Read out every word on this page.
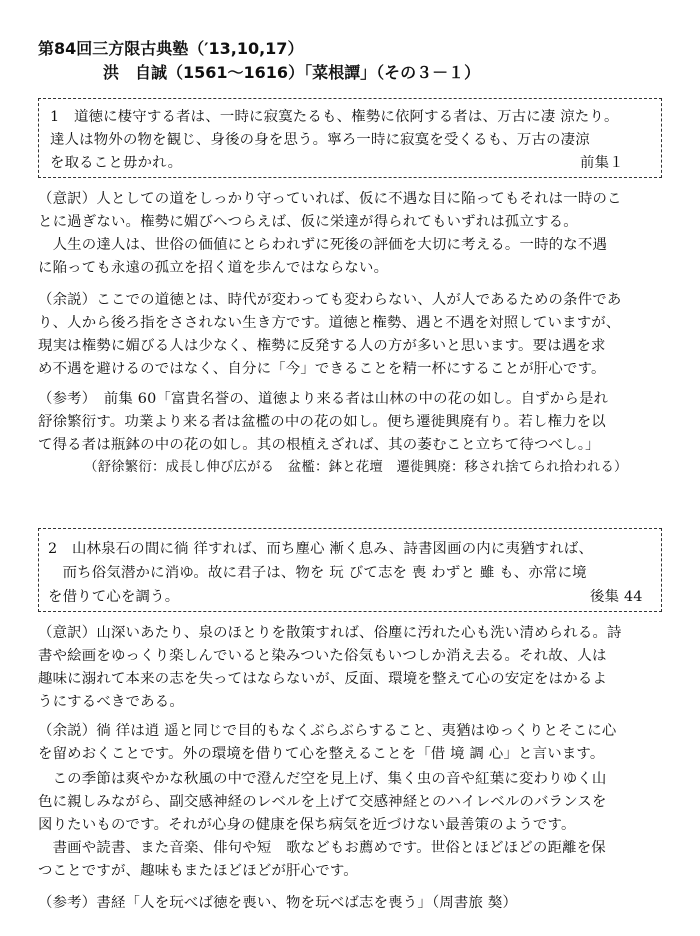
第84回三方限古典塾（′13,10,17）
洪　自誠（1561～1616）「菜根譚」（その３－１）
1　道徳に棲守する者は、一時に寂寞たるも、権勢に依阿する者は、万古に凄 涼たり。
達人は物外の物を観じ、身後の身を思う。寧ろ一時に寂寞を受くるも、万古の凄涼
を取ること毋かれ。	前集１
（意訳）人としての道をしっかり守っていれば、仮に不遇な目に陥ってもそれは一時のこ
とに過ぎない。権勢に媚びへつらえば、仮に栄達が得られてもいずれは孤立する。
　人生の達人は、世俗の価値にとらわれずに死後の評価を大切に考える。一時的な不遇
に陥っても永遠の孤立を招く道を歩んではならない。
（余説）ここでの道徳とは、時代が変わっても変わらない、人が人であるための条件であ
り、人から後ろ指をさされない生き方です。道徳と権勢、遇と不遇を対照していますが、
現実は権勢に媚びる人は少なく、権勢に反発する人の方が多いと思います。要は遇を求
め不遇を避けるのではなく、自分に「今」できることを精一杯にすることが肝心です。
（参考）　前集 60「富貴名誉の、道徳より来る者は山林の中の花の如し。自ずから是れ
舒徐繁衍す。功業より来る者は盆檻の中の花の如し。便ち遷徙興廃有り。若し権力を以
て得る者は瓶鉢の中の花の如し。其の根植えざれば、其の萎むこと立ちて待つべし。」
（舒徐繁衍：成長し伸び広がる　盆檻：鉢と花壇　遷徙興廃：移され捨てられ拾われる）
2　山林泉石の間に徜 徉すれば、而ち塵心 漸く息み、詩書図画の内に夷猶すれば、
　而ち俗気潜かに消ゆ。故に君子は、物を 玩 びて志を 喪 わずと 雖 も、亦常に境
を借りて心を調う。	後集 44
（意訳）山深いあたり、泉のほとりを散策すれば、俗塵に汚れた心も洗い清められる。詩
書や絵画をゆっくり楽しんでいると染みついた俗気もいつしか消え去る。それ故、人は
趣味に溺れて本来の志を失ってはならないが、反面、環境を整えて心の安定をはかるよ
うにするべきである。
（余説）徜 徉は逍 遥と同じで目的もなくぶらぶらすること、夷猶はゆっくりとそこに心
を留めおくことです。外の環境を借りて心を整えることを「借 境 調 心」と言います。
　この季節は爽やかな秋風の中で澄んだ空を見上げ、集く虫の音や紅葉に変わりゆく山
色に親しみながら、副交感神経のレベルを上げて交感神経とのハイレベルのバランスを
図りたいものです。それが心身の健康を保ち病気を近づけない最善策のようです。
　書画や読書、また音楽、俳句や短　歌などもお薦めです。世俗とほどほどの距離を保
つことですが、趣味もまたほどほどが肝心です。
（参考）書経「人を玩べば徳を喪い、物を玩べば志を喪う」（周書旅 獒）
